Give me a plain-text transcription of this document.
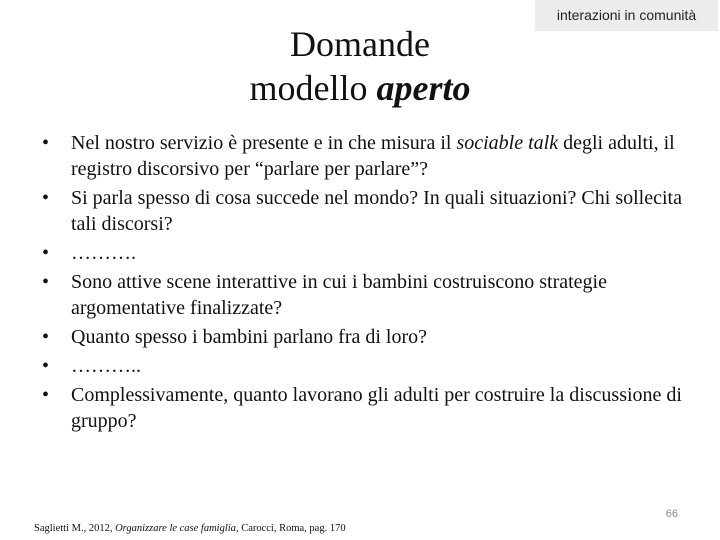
interazioni in comunità
Domande
modello aperto
• Nel nostro servizio è presente e in che misura il sociable talk degli adulti, il registro discorsivo per “parlare per parlare”?
• Si parla spesso di cosa succede nel mondo? In quali situazioni? Chi sollecita tali discorsi?
• ……….
• Sono attive scene interattive in cui i bambini costruiscono strategie argomentative finalizzate?
• Quanto spesso i bambini parlano fra di loro?
• ………..
• Complessivamente, quanto lavorano gli adulti per costruire la discussione di gruppo?
66
Saglietti M., 2012, Organizzare le case famiglia, Carocci, Roma, pag. 170
